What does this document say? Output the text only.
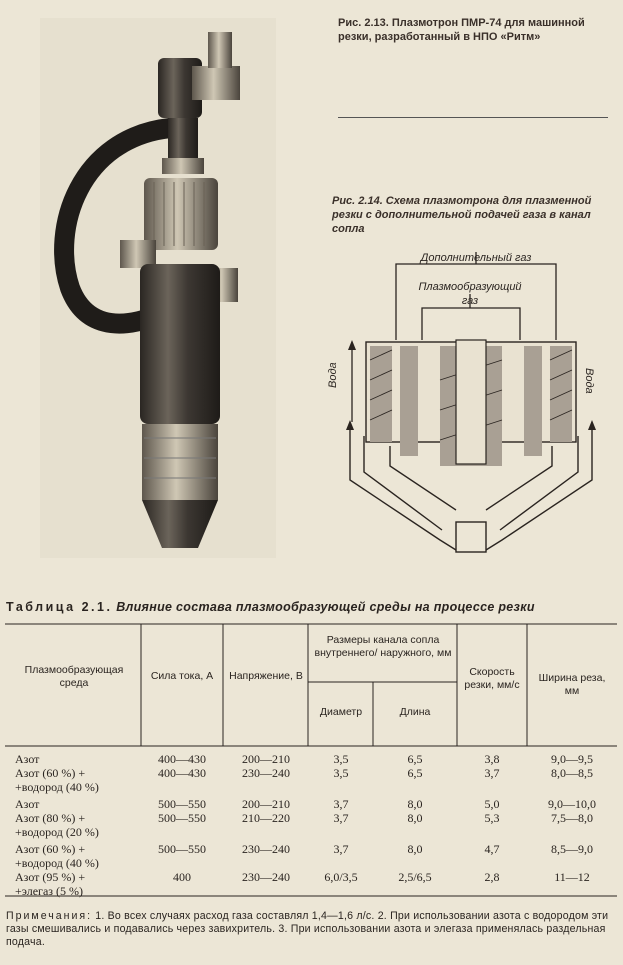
Рис. 2.13. Плазмотрон ПМР-74 для машинной резки, разработанный в НПО «Ритм»
Рис. 2.14. Схема плазмотрона для плазменной резки с дополнительной подачей газа в канал сопла
Дополнительный газ
Плазмообразующий
газ
Вода	Вода
Таблица 2.1. Влияние состава плазмообразующей среды на процессе резки
Плазмообразующая среда
Сила тока, А	Напряжение, В
Размеры канала сопла внутреннего/ наружного, мм
Диаметр	Длина
Скорость резки, мм/с
Ширина реза, мм
Азот	400—430	200—210	3,5	6,5	3,8	9,0—9,5
Азот (60 %) +	400—430	230—240	3,5	6,5	3,7	8,0—8,5
+водород (40 %)
Азот	500—550	200—210	3,7	8,0	5,0	9,0—10,0
Азот (80 %) +	500—550	210—220	3,7	8,0	5,3	7,5—8,0
+водород (20 %)
Азот (60 %) +	500—550	230—240	3,7	8,0	4,7	8,5—9,0
+водород (40 %)
Азот (95 %) +	400	230—240	6,0/3,5	2,5/6,5	2,8	11—12
+элегаз (5 %)
Примечания: 1. Во всех случаях расход газа составлял 1,4—1,6 л/с. 2. При использовании азота с водородом эти газы смешивались и подавались через завихритель. 3. При использовании азота и элегаза применялась раздельная подача.
